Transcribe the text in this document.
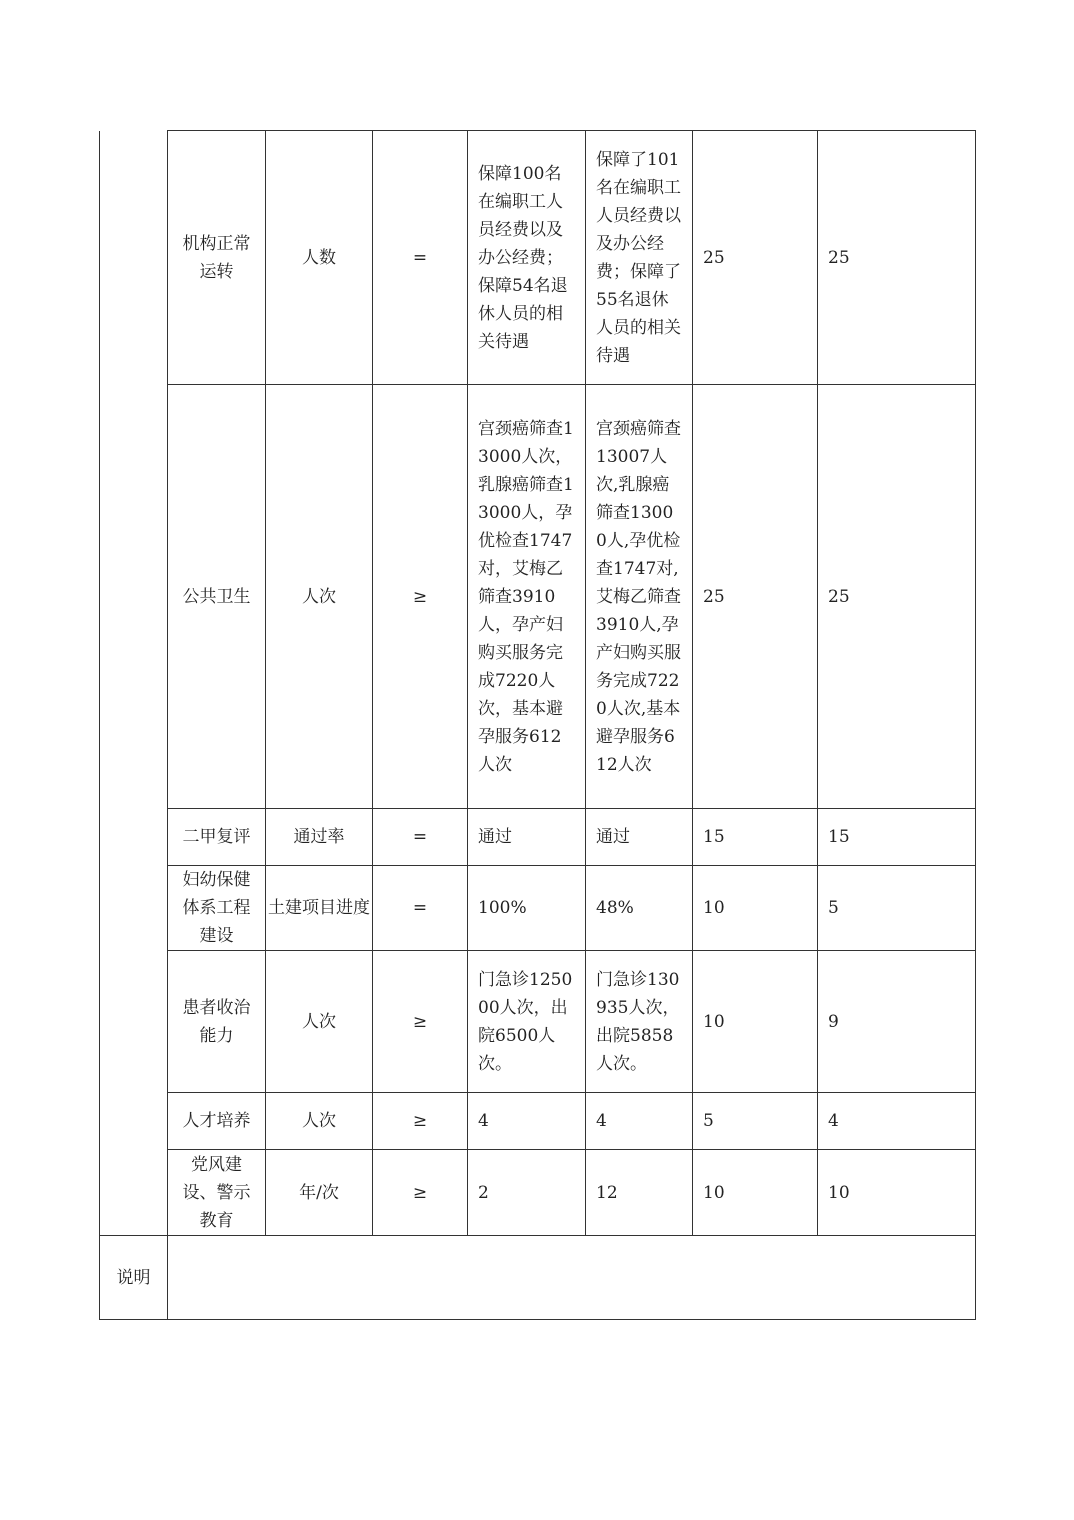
	机构正常运转	人数	=	保障100名在编职工人员经费以及办公经费；保障54名退休人员的相关待遇	保障了101名在编职工人员经费以及办公经费；保障了55名退休人员的相关待遇	25	25
	公共卫生	人次	≥	宫颈癌筛查13000人次，乳腺癌筛查13000人，孕优检查1747对，艾梅乙筛查3910人，孕产妇购买服务完成7220人次，基本避孕服务612人次	宫颈癌筛查13007人次,乳腺癌筛查13000人,孕优检查1747对,艾梅乙筛查3910人,孕产妇购买服务完成7220人次,基本避孕服务612人次	25	25
	二甲复评	通过率	=	通过	通过	15	15
	妇幼保健体系工程建设	土建项目进度	=	100%	48%	10	5
	患者收治能力	人次	≥	门急诊125000人次，出院6500人次。	门急诊130935人次，出院5858人次。	10	9
	人才培养	人次	≥	4	4	5	4
	党风建设、警示教育	年/次	≥	2	12	10	10
说明							
